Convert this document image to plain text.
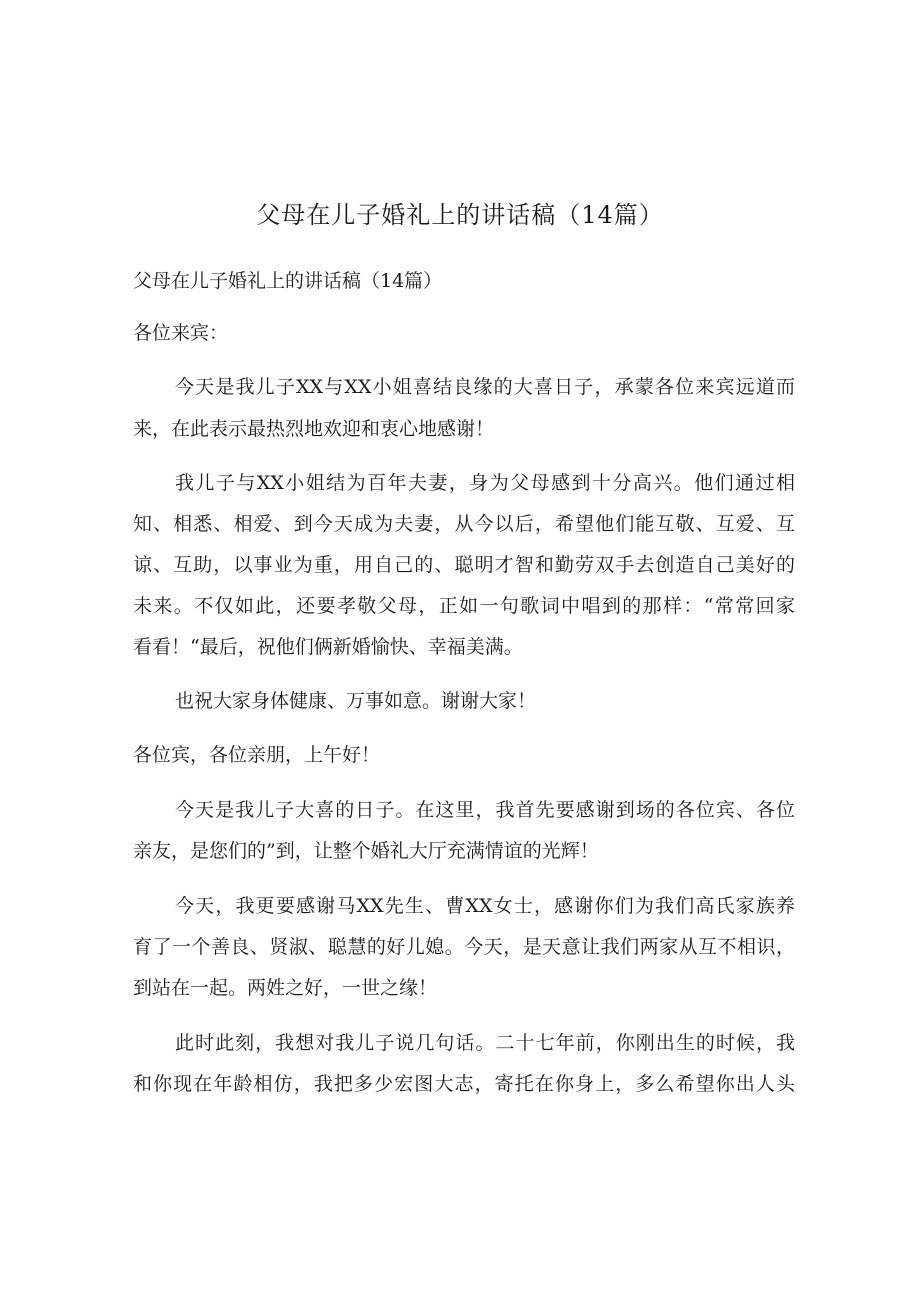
父母在儿子婚礼上的讲话稿（14篇）

父母在儿子婚礼上的讲话稿（14篇）

各位来宾：

今天是我儿子XX与XX小姐喜结良缘的大喜日子，承蒙各位来宾远道而

来，在此表示最热烈地欢迎和衷心地感谢！

我儿子与XX小姐结为百年夫妻，身为父母感到十分高兴。他们通过相

知、相悉、相爱、到今天成为夫妻，从今以后，希望他们能互敬、互爱、互

谅、互助，以事业为重，用自己的、聪明才智和勤劳双手去创造自己美好的

未来。不仅如此，还要孝敬父母，正如一句歌词中唱到的那样：“常常回家

看看！“最后，祝他们俩新婚愉快、幸福美满。

也祝大家身体健康、万事如意。谢谢大家！

各位宾，各位亲朋，上午好！

今天是我儿子大喜的日子。在这里，我首先要感谢到场的各位宾、各位

亲友，是您们的”到，让整个婚礼大厅充满情谊的光辉！

今天，我更要感谢马XX先生、曹XX女士，感谢你们为我们高氏家族养

育了一个善良、贤淑、聪慧的好儿媳。今天，是天意让我们两家从互不相识，

到站在一起。两姓之好，一世之缘！

此时此刻，我想对我儿子说几句话。二十七年前，你刚出生的时候，我

和你现在年龄相仿，我把多少宏图大志，寄托在你身上，多么希望你出人头
